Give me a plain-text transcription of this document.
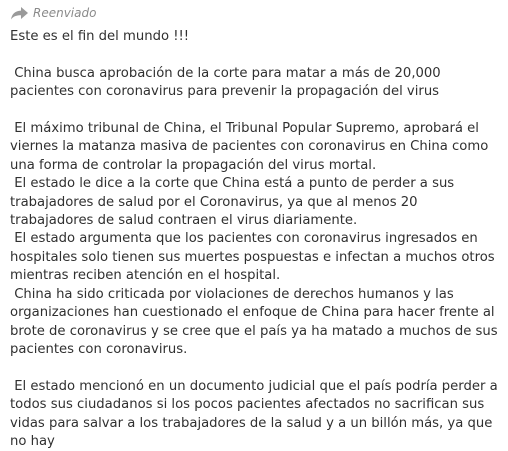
Reenviado
Este es el fin del mundo !!!

China busca aprobación de la corte para matar a más de 20,000 pacientes con coronavirus para prevenir la propagación del virus

El máximo tribunal de China, el Tribunal Popular Supremo, aprobará el viernes la matanza masiva de pacientes con coronavirus en China como una forma de controlar la propagación del virus mortal.
El estado le dice a la corte que China está a punto de perder a sus trabajadores de salud por el Coronavirus, ya que al menos 20 trabajadores de salud contraen el virus diariamente.
El estado argumenta que los pacientes con coronavirus ingresados en hospitales solo tienen sus muertes pospuestas e infectan a muchos otros mientras reciben atención en el hospital.
China ha sido criticada por violaciones de derechos humanos y las organizaciones han cuestionado el enfoque de China para hacer frente al brote de coronavirus y se cree que el país ya ha matado a muchos de sus pacientes con coronavirus.

El estado mencionó en un documento judicial que el país podría perder a todos sus ciudadanos si los pocos pacientes afectados no sacrifican sus vidas para salvar a los trabajadores de la salud y a un billón más, ya que no hay
